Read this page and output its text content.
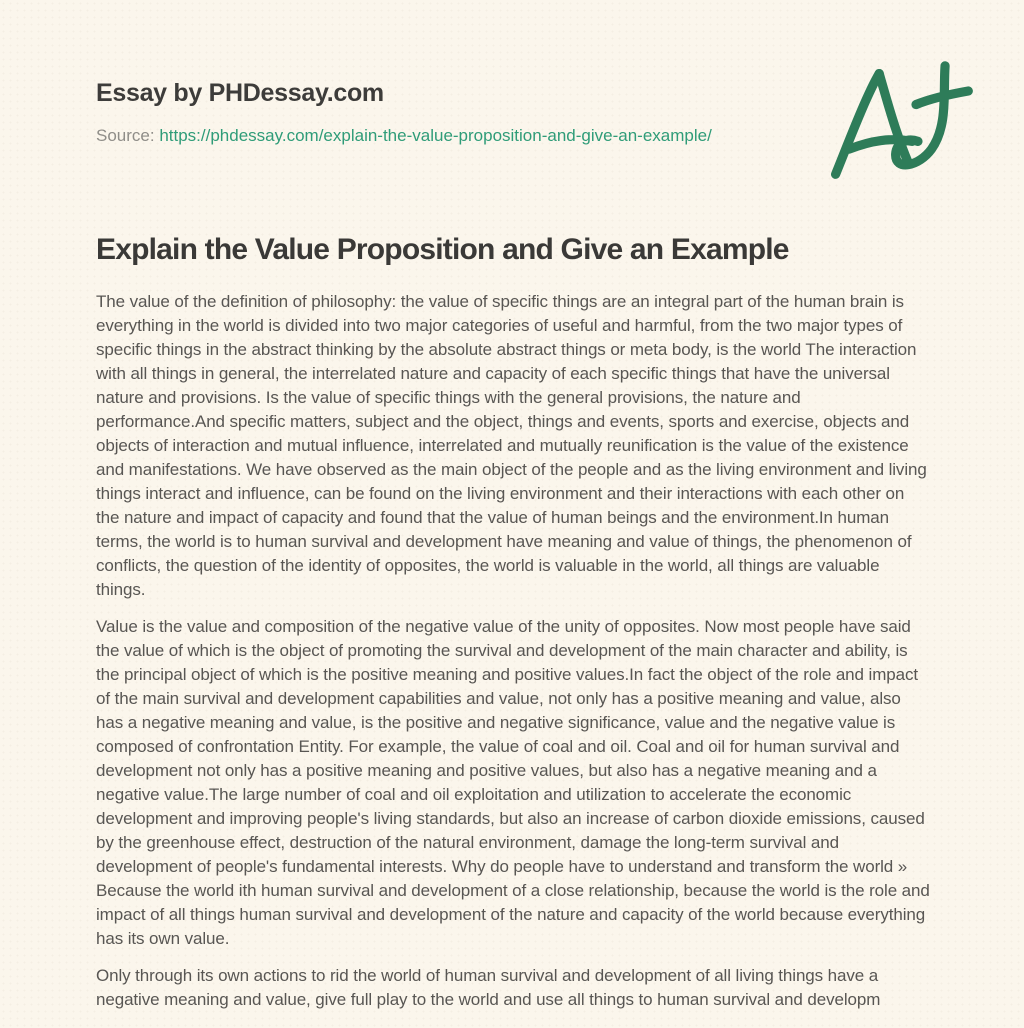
Essay by PHDessay.com
Source: https://phdessay.com/explain-the-value-proposition-and-give-an-example/
Explain the Value Proposition and Give an Example

The value of the definition of philosophy: the value of specific things are an integral part of the human brain is everything in the world is divided into two major categories of useful and harmful, from the two major types of specific things in the abstract thinking by the absolute abstract things or meta body, is the world The interaction with all things in general, the interrelated nature and capacity of each specific things that have the universal nature and provisions. Is the value of specific things with the general provisions, the nature and performance.And specific matters, subject and the object, things and events, sports and exercise, objects and objects of interaction and mutual influence, interrelated and mutually reunification is the value of the existence and manifestations. We have observed as the main object of the people and as the living environment and living things interact and influence, can be found on the living environment and their interactions with each other on the nature and impact of capacity and found that the value of human beings and the environment.In human terms, the world is to human survival and development have meaning and value of things, the phenomenon of conflicts, the question of the identity of opposites, the world is valuable in the world, all things are valuable things.

Value is the value and composition of the negative value of the unity of opposites. Now most people have said the value of which is the object of promoting the survival and development of the main character and ability, is the principal object of which is the positive meaning and positive values.In fact the object of the role and impact of the main survival and development capabilities and value, not only has a positive meaning and value, also has a negative meaning and value, is the positive and negative significance, value and the negative value is composed of confrontation Entity. For example, the value of coal and oil. Coal and oil for human survival and development not only has a positive meaning and positive values, but also has a negative meaning and a negative value.The large number of coal and oil exploitation and utilization to accelerate the economic development and improving people's living standards, but also an increase of carbon dioxide emissions, caused by the greenhouse effect, destruction of the natural environment, damage the long-term survival and development of people's fundamental interests. Why do people have to understand and transform the world » Because the world ith human survival and development of a close relationship, because the world is the role and impact of all things human survival and development of the nature and capacity of the world because everything has its own value.

Only through its own actions to rid the world of human survival and development of all living things have a negative meaning and value, give full play to the world and use all things to human survival and developm
